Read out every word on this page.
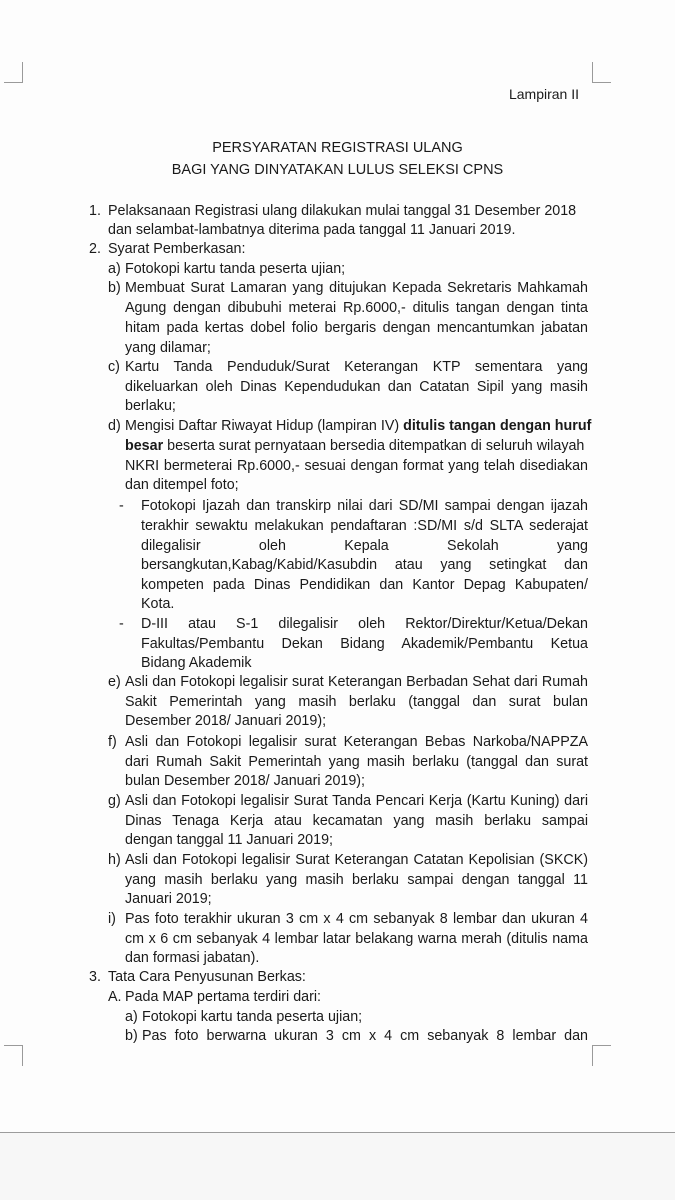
Lampiran II
PERSYARATAN REGISTRASI ULANG
BAGI YANG DINYATAKAN LULUS SELEKSI CPNS
1. Pelaksanaan Registrasi ulang dilakukan mulai tanggal 31 Desember 2018
dan selambat-lambatnya diterima pada tanggal 11 Januari 2019.
2. Syarat Pemberkasan:
a) Fotokopi kartu tanda peserta ujian;
b) Membuat Surat Lamaran yang ditujukan Kepada Sekretaris Mahkamah
Agung dengan dibubuhi meterai Rp.6000,- ditulis tangan dengan tinta
hitam pada kertas dobel folio bergaris dengan mencantumkan jabatan
yang dilamar;
c) Kartu Tanda Penduduk/Surat Keterangan KTP sementara yang
dikeluarkan oleh Dinas Kependudukan dan Catatan Sipil yang masih
berlaku;
d) Mengisi Daftar Riwayat Hidup (lampiran IV) ditulis tangan dengan huruf
besar beserta surat pernyataan bersedia ditempatkan di seluruh wilayah
NKRI bermeterai Rp.6000,- sesuai dengan format yang telah disediakan
dan ditempel foto;
- Fotokopi Ijazah dan transkirp nilai dari SD/MI sampai dengan ijazah
terakhir sewaktu melakukan pendaftaran :SD/MI s/d SLTA sederajat
dilegalisir oleh Kepala Sekolah yang
bersangkutan,Kabag/Kabid/Kasubdin atau yang setingkat dan
kompeten pada Dinas Pendidikan dan Kantor Depag Kabupaten/
Kota.
- D-III atau S-1 dilegalisir oleh Rektor/Direktur/Ketua/Dekan
Fakultas/Pembantu Dekan Bidang Akademik/Pembantu Ketua
Bidang Akademik
e) Asli dan Fotokopi legalisir surat Keterangan Berbadan Sehat dari Rumah
Sakit Pemerintah yang masih berlaku (tanggal dan surat bulan
Desember 2018/ Januari 2019);
f) Asli dan Fotokopi legalisir surat Keterangan Bebas Narkoba/NAPPZA
dari Rumah Sakit Pemerintah yang masih berlaku (tanggal dan surat
bulan Desember 2018/ Januari 2019);
g) Asli dan Fotokopi legalisir Surat Tanda Pencari Kerja (Kartu Kuning) dari
Dinas Tenaga Kerja atau kecamatan yang masih berlaku sampai
dengan tanggal 11 Januari 2019;
h) Asli dan Fotokopi legalisir Surat Keterangan Catatan Kepolisian (SKCK)
yang masih berlaku yang masih berlaku sampai dengan tanggal 11
Januari 2019;
i) Pas foto terakhir ukuran 3 cm x 4 cm sebanyak 8 lembar dan ukuran 4
cm x 6 cm sebanyak 4 lembar latar belakang warna merah (ditulis nama
dan formasi jabatan).
3. Tata Cara Penyusunan Berkas:
A. Pada MAP pertama terdiri dari:
a) Fotokopi kartu tanda peserta ujian;
b) Pas foto berwarna ukuran 3 cm x 4 cm sebanyak 8 lembar dan
